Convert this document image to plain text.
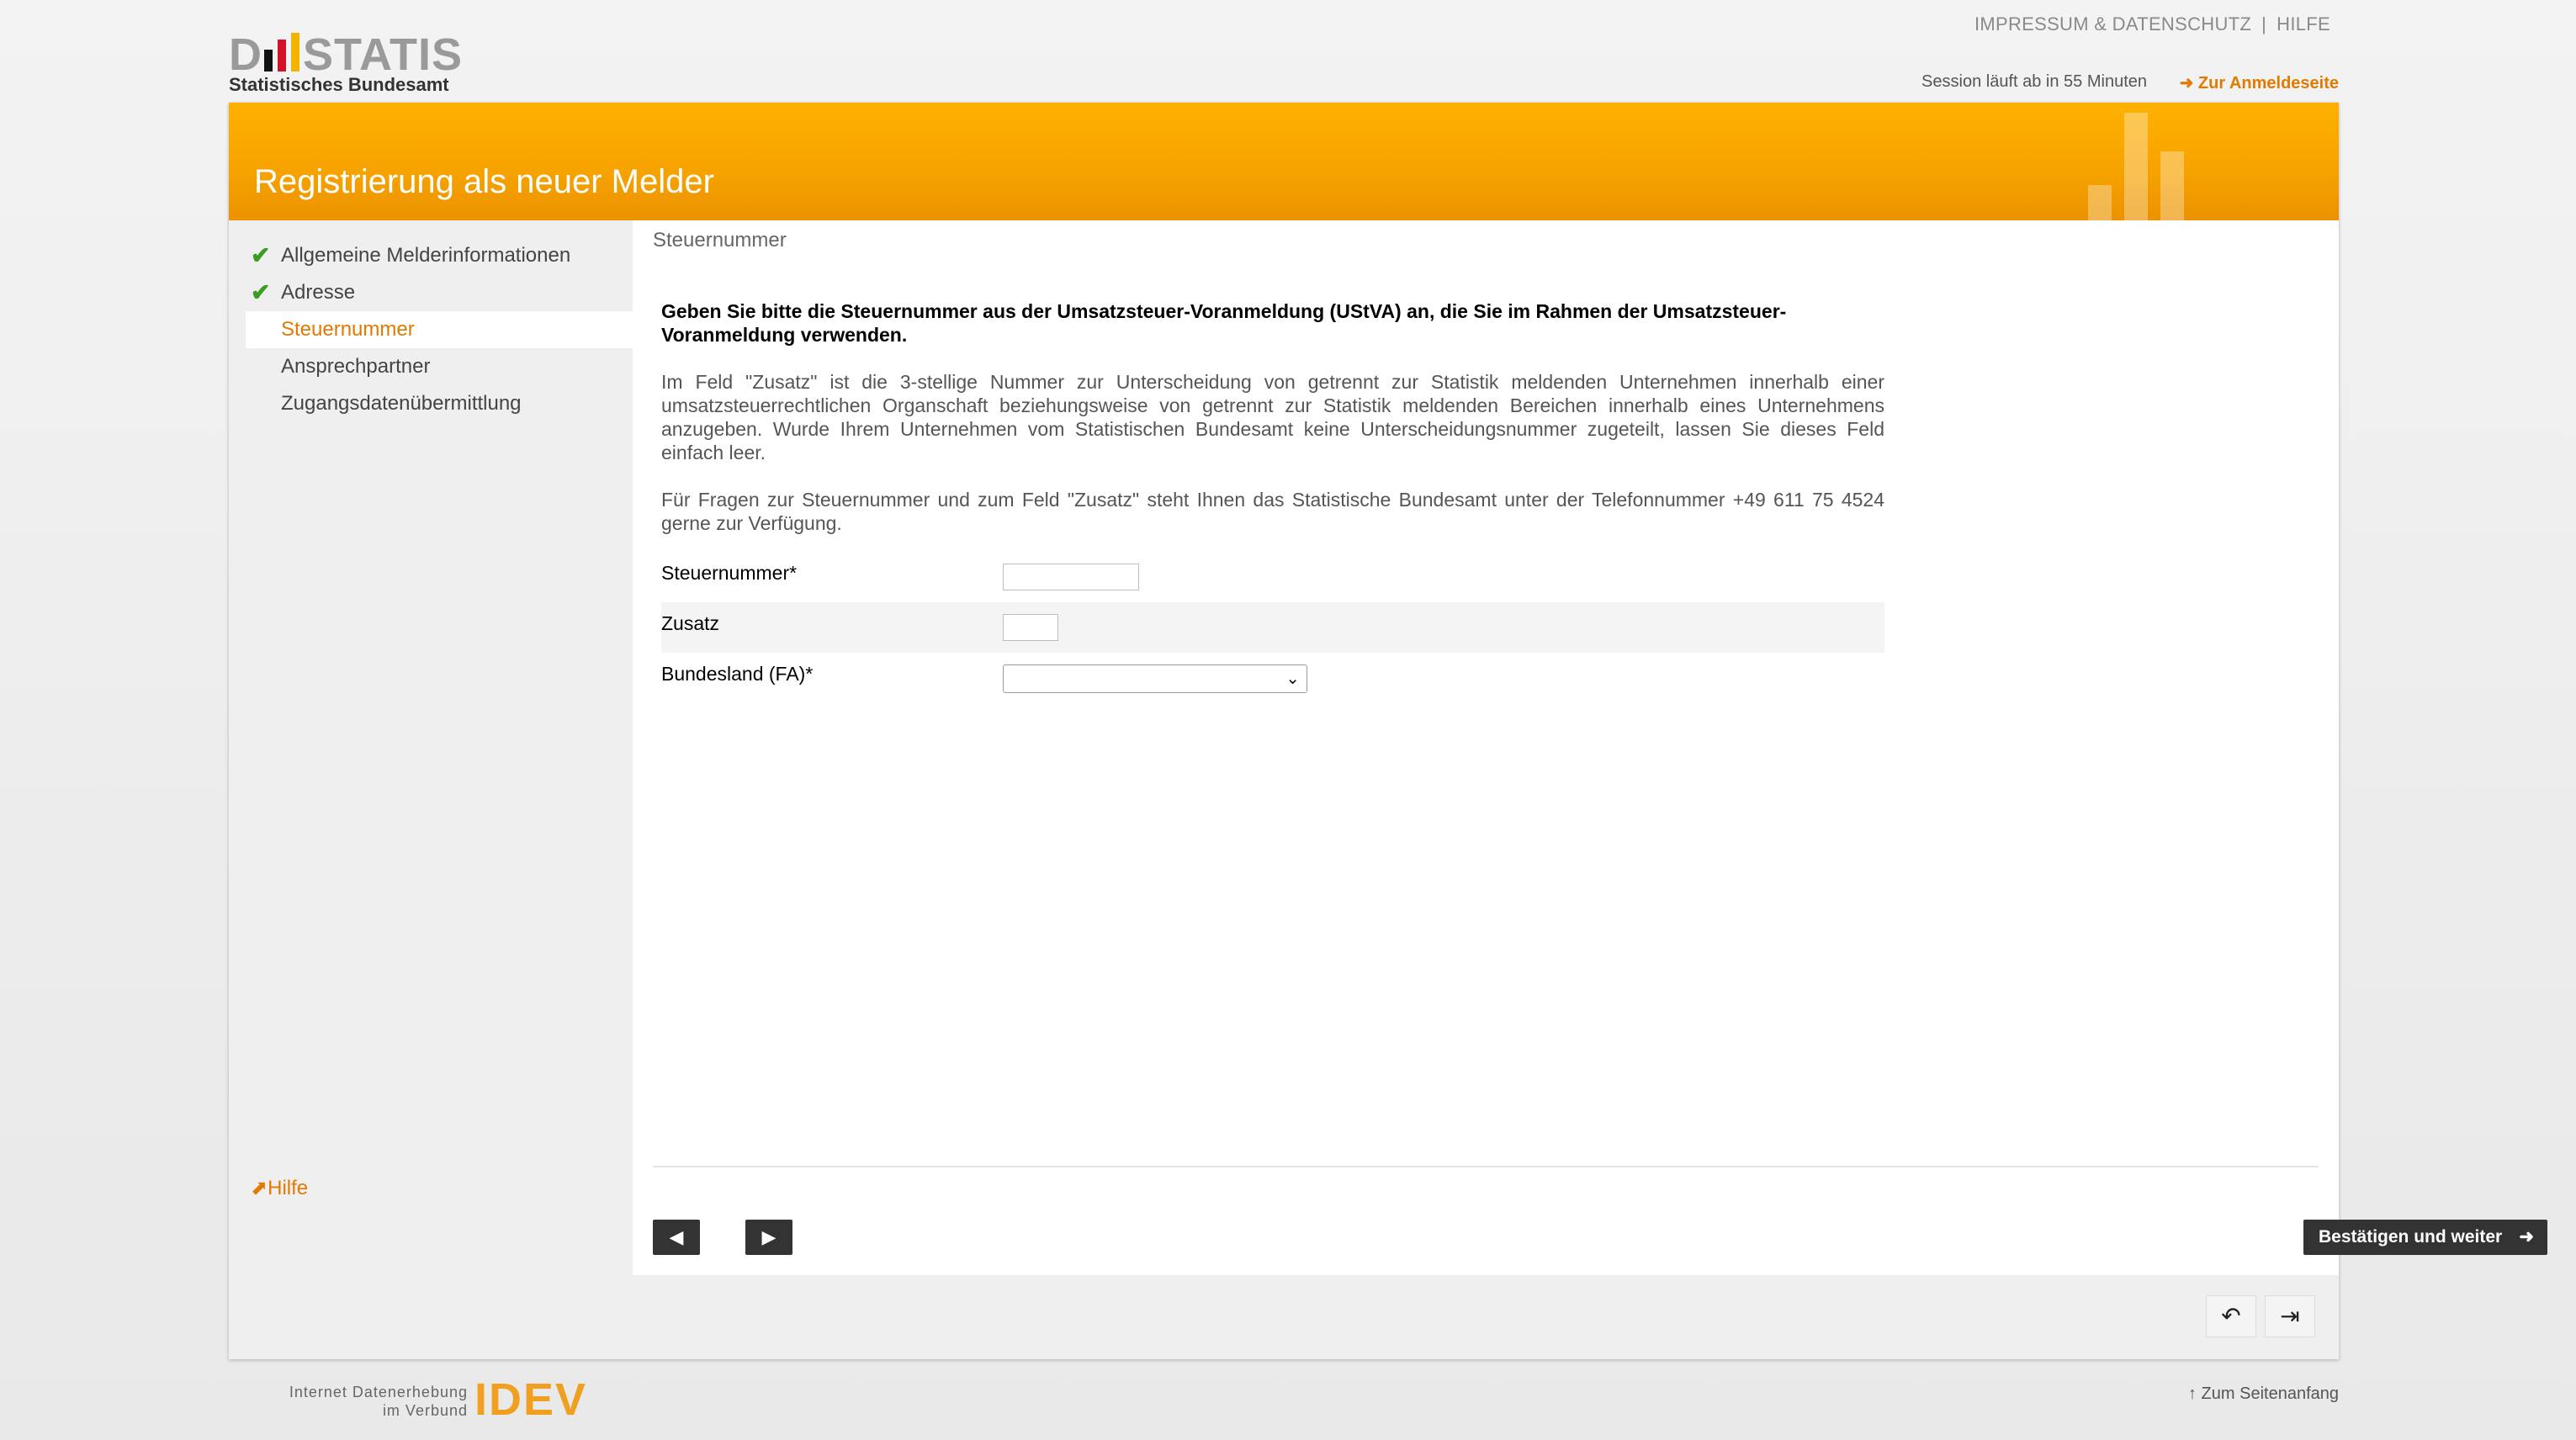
D STATIS
Statistisches Bundesamt
IMPRESSUM & DATENSCHUTZ | HILFE
Session läuft ab in 55 Minuten ➜ Zur Anmeldeseite
Registrierung als neuer Melder
✔ Allgemeine Melderinformationen
✔ Adresse
Steuernummer
Ansprechpartner
Zugangsdatenübermittlung
⬈Hilfe
Steuernummer
Geben Sie bitte die Steuernummer aus der Umsatzsteuer-Voranmeldung (UStVA) an, die Sie im Rahmen der Umsatzsteuer-Voranmeldung verwenden.
Im Feld "Zusatz" ist die 3-stellige Nummer zur Unterscheidung von getrennt zur Statistik meldenden Unternehmen innerhalb einer umsatzsteuerrechtlichen Organschaft beziehungsweise von getrennt zur Statistik meldenden Bereichen innerhalb eines Unternehmens anzugeben. Wurde Ihrem Unternehmen vom Statistischen Bundesamt keine Unterscheidungsnummer zugeteilt, lassen Sie dieses Feld einfach leer.
Für Fragen zur Steuernummer und zum Feld "Zusatz" steht Ihnen das Statistische Bundesamt unter der Telefonnummer +49 611 75 4524 gerne zur Verfügung.
Steuernummer*
Zusatz
Bundesland (FA)*	⌄
◀	▶	Bestätigen und weiter ➜
↶	⇥
Internet Datenerhebung
im Verbund IDEV	↑ Zum Seitenanfang
